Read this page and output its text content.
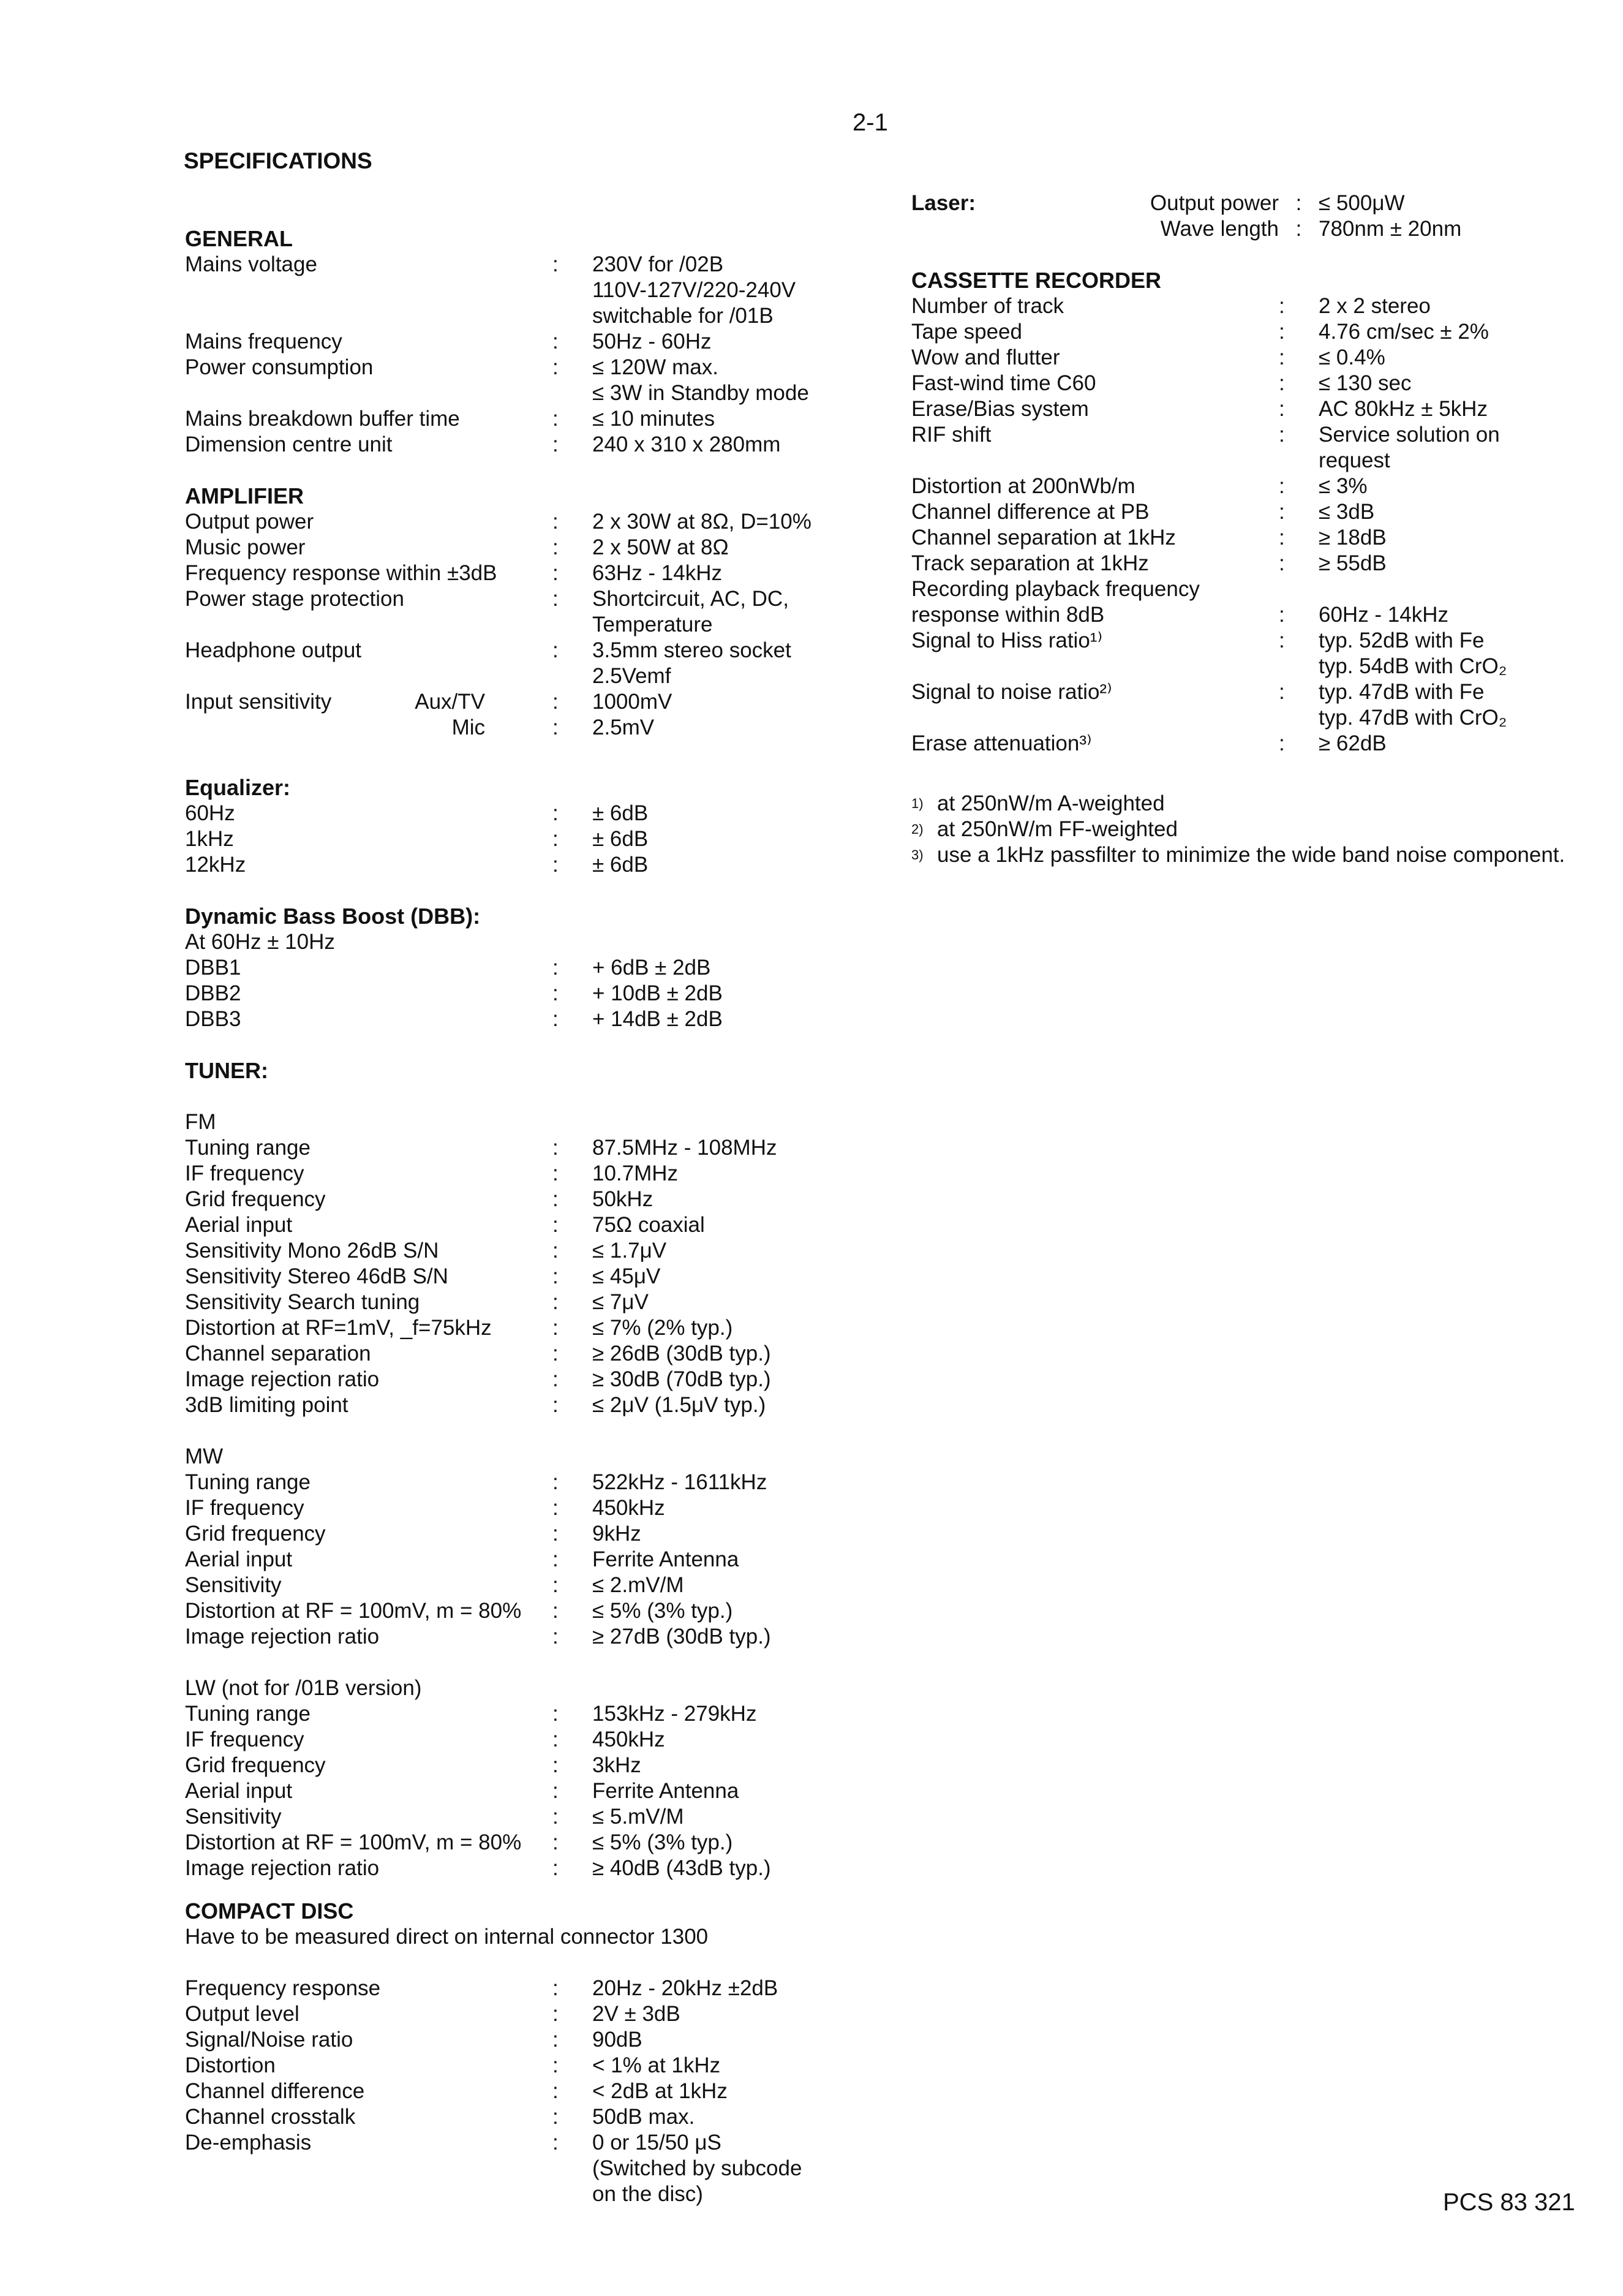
2-1
SPECIFICATIONS
GENERAL
Mains voltage	:	230V for /02B
110V-127V/220-240V
switchable for /01B
Mains frequency	:	50Hz - 60Hz
Power consumption	:	≤ 120W max.
≤ 3W in Standby mode
Mains breakdown buffer time	:	≤ 10 minutes
Dimension centre unit	:	240 x 310 x 280mm
AMPLIFIER
Output power	:	2 x 30W at 8Ω, D=10%
Music power	:	2 x 50W at 8Ω
Frequency response within ±3dB	:	63Hz - 14kHz
Power stage protection	:	Shortcircuit, AC, DC,
Temperature
Headphone output	:	3.5mm stereo socket
2.5Vemf
Input sensitivity	Aux/TV	:	1000mV
Mic	:	2.5mV
Equalizer:
60Hz	:	± 6dB
1kHz	:	± 6dB
12kHz	:	± 6dB
Dynamic Bass Boost (DBB):
At 60Hz ± 10Hz
DBB1	:	+ 6dB ± 2dB
DBB2	:	+ 10dB ± 2dB
DBB3	:	+ 14dB ± 2dB
TUNER:
FM
Tuning range	:	87.5MHz - 108MHz
IF frequency	:	10.7MHz
Grid frequency	:	50kHz
Aerial input	:	75Ω coaxial
Sensitivity Mono 26dB S/N	:	≤ 1.7μV
Sensitivity Stereo 46dB S/N	:	≤ 45μV
Sensitivity Search tuning	:	≤ 7μV
Distortion at RF=1mV, _f=75kHz	:	≤ 7% (2% typ.)
Channel separation	:	≥ 26dB (30dB typ.)
Image rejection ratio	:	≥ 30dB (70dB typ.)
3dB limiting point	:	≤ 2μV (1.5μV typ.)
MW
Tuning range	:	522kHz - 1611kHz
IF frequency	:	450kHz
Grid frequency	:	9kHz
Aerial input	:	Ferrite Antenna
Sensitivity	:	≤ 2.mV/M
Distortion at RF = 100mV, m = 80%	:	≤ 5% (3% typ.)
Image rejection ratio	:	≥ 27dB (30dB typ.)
LW (not for /01B version)
Tuning range	:	153kHz - 279kHz
IF frequency	:	450kHz
Grid frequency	:	3kHz
Aerial input	:	Ferrite Antenna
Sensitivity	:	≤ 5.mV/M
Distortion at RF = 100mV, m = 80%	:	≤ 5% (3% typ.)
Image rejection ratio	:	≥ 40dB (43dB typ.)
COMPACT DISC
Have to be measured direct on internal connector 1300
Frequency response	:	20Hz - 20kHz ±2dB
Output level	:	2V ± 3dB
Signal/Noise ratio	:	90dB
Distortion	:	< 1% at 1kHz
Channel difference	:	< 2dB at 1kHz
Channel crosstalk	:	50dB max.
De-emphasis	:	0 or 15/50 μS
(Switched by subcode
on the disc)
Laser:	Output power : ≤ 500μW
Wave length : 780nm ± 20nm
CASSETTE RECORDER
Number of track	:	2 x 2 stereo
Tape speed	:	4.76 cm/sec ± 2%
Wow and flutter	:	≤ 0.4%
Fast-wind time C60	:	≤ 130 sec
Erase/Bias system	:	AC 80kHz ± 5kHz
RIF shift	:	Service solution on
request
Distortion at 200nWb/m	:	≤ 3%
Channel difference at PB	:	≤ 3dB
Channel separation at 1kHz	:	≥ 18dB
Track separation at 1kHz	:	≥ 55dB
Recording playback frequency
response within 8dB	:	60Hz - 14kHz
Signal to Hiss ratio¹⁾	:	typ. 52dB with Fe
typ. 54dB with CrO₂
Signal to noise ratio²⁾	:	typ. 47dB with Fe
typ. 47dB with CrO₂
Erase attenuation³⁾	:	≥ 62dB
1) at 250nW/m A-weighted
2) at 250nW/m FF-weighted
3) use a 1kHz passfilter to minimize the wide band noise component.
PCS 83 321
